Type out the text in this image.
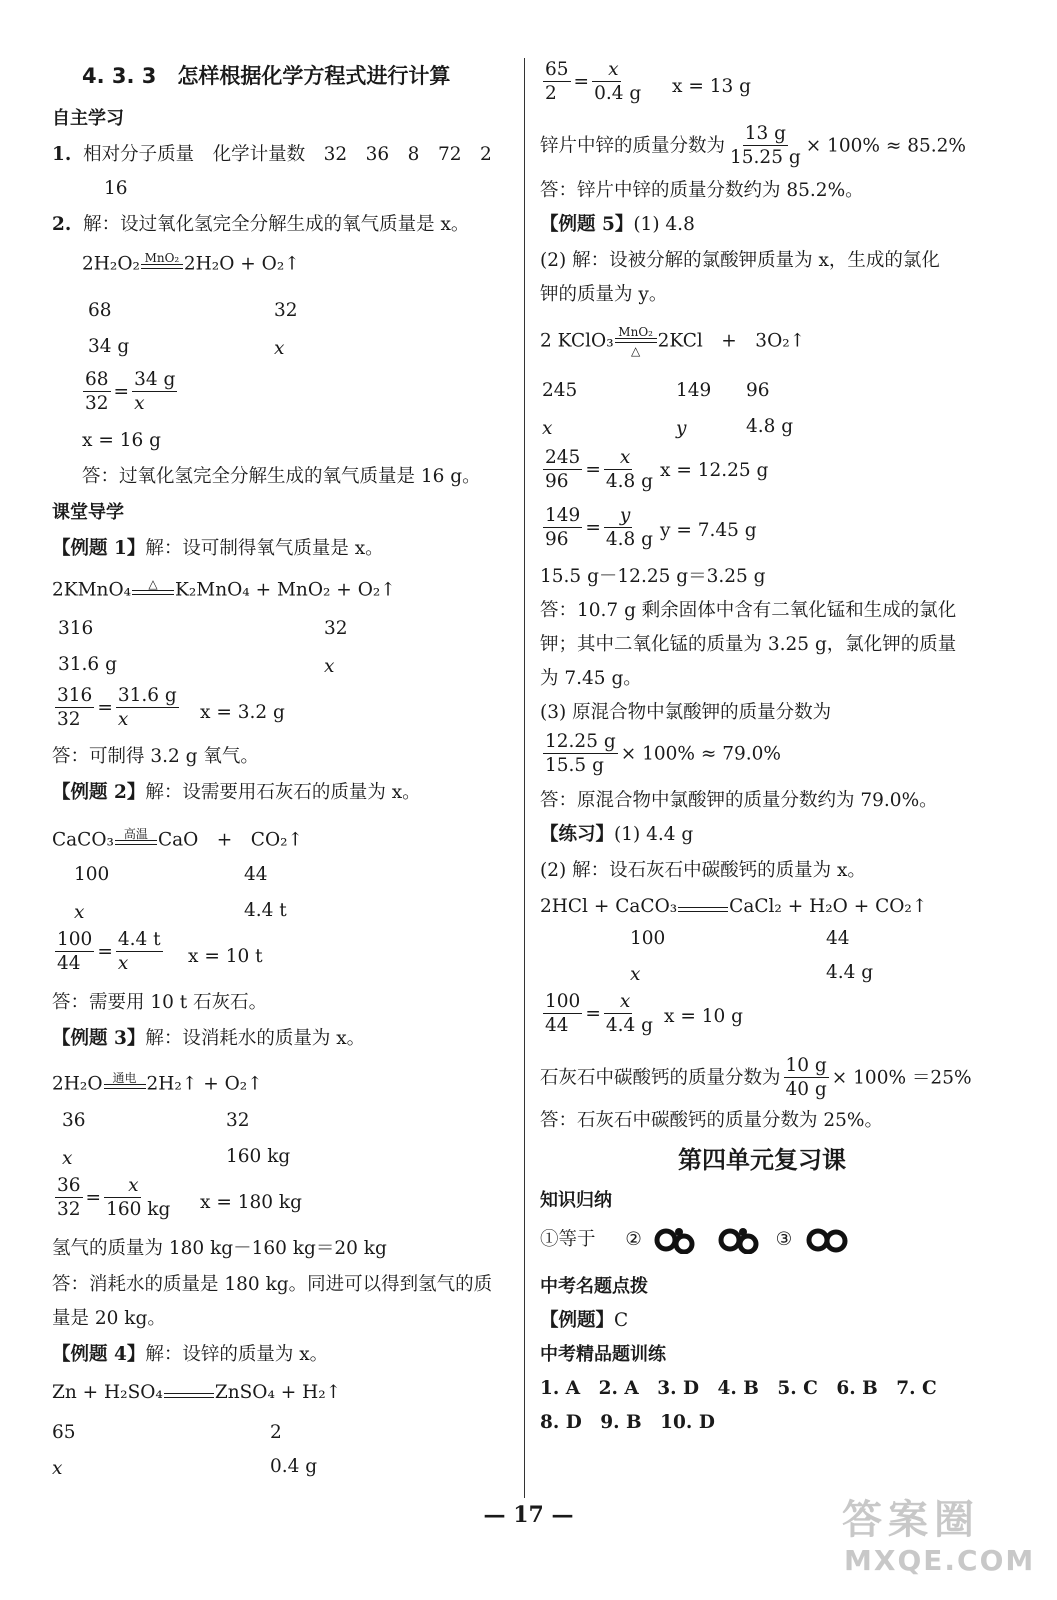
4. 3. 3　怎样根据化学方程式进行计算
自主学习
1. 相对分子质量　化学计量数　32　36　8　72　2
16
2. 解：设过氧化氢完全分解生成的氧气质量是 x。
2H₂O₂ MnO₂ 2H₂O + O₂↑
68	32
34 g	x
$\frac{68}{32} = \frac{34 g}{x}$
x = 16 g
答：过氧化氢完全分解生成的氧气质量是 16 g。
课堂导学
【例题 1】解：设可制得氧气质量是 x。
2KMnO₄ △ K₂MnO₄ + MnO₂ + O₂↑
316	32
31.6 g	x
$\frac{316}{32} = \frac{31.6 g}{x}$ x = 3.2 g
答：可制得 3.2 g 氧气。
【例题 2】解：设需要用石灰石的质量为 x。
CaCO₃ 高温 CaO　+　CO₂↑
100	44
x	4.4 t
$\frac{100}{44} = \frac{4.4 t}{x}$ x = 10 t
答：需要用 10 t 石灰石。
【例题 3】解：设消耗水的质量为 x。
2H₂O 通电 2H₂↑ + O₂↑
36	32
x	160 kg
$\frac{36}{32} = \frac{x}{160 kg}$ x = 180 kg
氢气的质量为 180 kg－160 kg＝20 kg
答：消耗水的质量是 180 kg。同进可以得到氢气的质
量是 20 kg。
【例题 4】解：设锌的质量为 x。
Zn + H₂SO₄	ZnSO₄ + H₂↑
65	2
x	0.4 g
$\frac{65}{2} = \frac{x}{0.4 g}$ x = 13 g
锌片中锌的质量分数为 $\frac{13 g}{15.25 g} \times 100\% \approx 85.2\%$
答：锌片中锌的质量分数约为 85.2%。
【例题 5】(1) 4.8
(2) 解：设被分解的氯酸钾质量为 x，生成的氯化
钾的质量为 y。
2 KClO₃ MnO₂
△ 2KCl　+　3O₂↑
245	149 96
x	y	4.8 g
$\frac{245}{96} = \frac{x}{4.8 g}$ x = 12.25 g
$\frac{149}{96} = \frac{y}{4.8 g}$ y = 7.45 g
15.5 g－12.25 g＝3.25 g
答：10.7 g 剩余固体中含有二氧化锰和生成的氯化
钾；其中二氧化锰的质量为 3.25 g，氯化钾的质量
为 7.45 g。
(3) 原混合物中氯酸钾的质量分数为
$\frac{12.25 g}{15.5 g} \times 100\% \approx 79.0\%$
答：原混合物中氯酸钾的质量分数约为 79.0%。
【练习】(1) 4.4 g
(2) 解：设石灰石中碳酸钙的质量为 x。
2HCl + CaCO₃	CaCl₂ + H₂O + CO₂↑
100	44
x	4.4 g
$\frac{100}{44} = \frac{x}{4.4 g}$ x = 10 g
石灰石中碳酸钙的质量分数为 $\frac{10 g}{40 g} \times 100\% =25\%$
答：石灰石中碳酸钙的质量分数为 25%。
第四单元复习课
知识归纳
①等于 ②	③
中考名题点拨
【例题】C
中考精品题训练
1. A　2. A　3. D　4. B　5. C　6. B　7. C
8. D　9. B　10. D
— 17 —	答案圈
MXQE.COM
